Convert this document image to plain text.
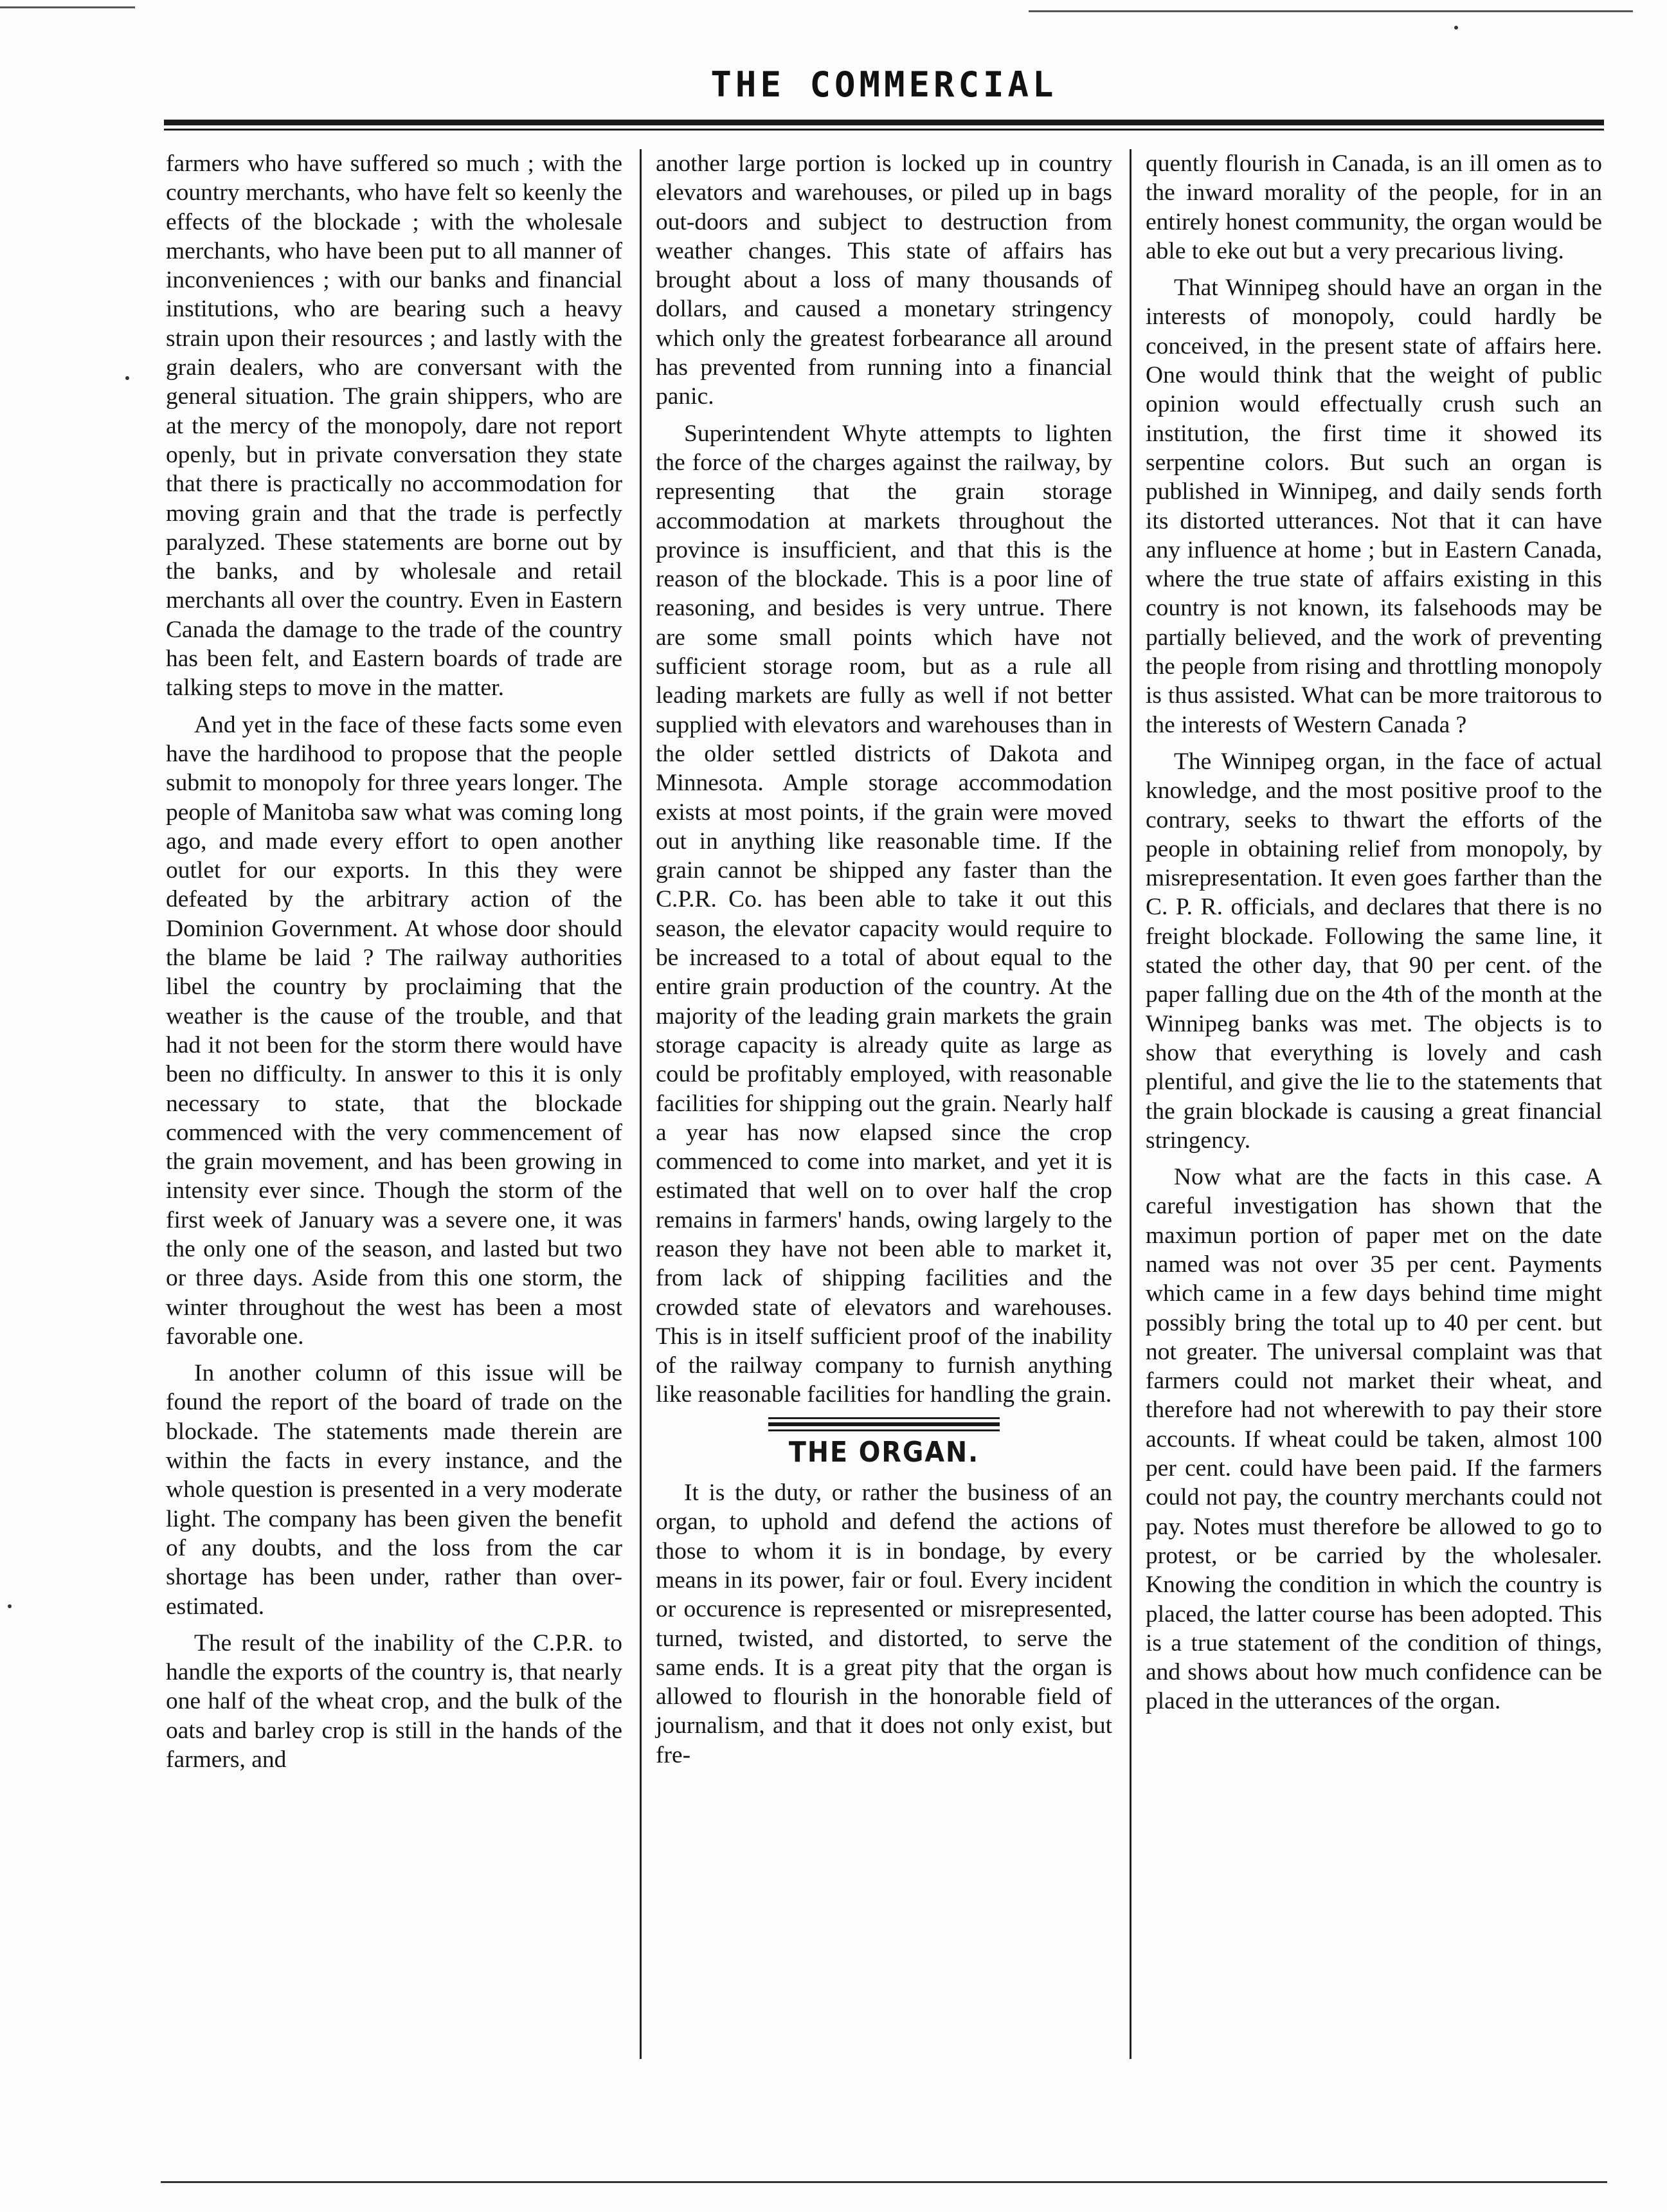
THE COMMERCIAL

farmers who have suffered so much ; with the country merchants, who have felt so keenly the effects of the blockade ; with the wholesale merchants, who have been put to all manner of inconveniences ; with our banks and financial institutions, who are bearing such a heavy strain upon their resources ; and lastly with the grain dealers, who are conversant with the general situation. The grain shippers, who are at the mercy of the monopoly, dare not report openly, but in private conversation they state that there is practically no accommodation for moving grain and that the trade is perfectly paralyzed. These statements are borne out by the banks, and by wholesale and retail merchants all over the country. Even in Eastern Canada the damage to the trade of the country has been felt, and Eastern boards of trade are talking steps to move in the matter.

And yet in the face of these facts some even have the hardihood to propose that the people submit to monopoly for three years longer. The people of Manitoba saw what was coming long ago, and made every effort to open another outlet for our exports. In this they were defeated by the arbitrary action of the Dominion Government. At whose door should the blame be laid ? The railway authorities libel the country by proclaiming that the weather is the cause of the trouble, and that had it not been for the storm there would have been no difficulty. In answer to this it is only necessary to state, that the blockade commenced with the very commencement of the grain movement, and has been growing in intensity ever since. Though the storm of the first week of January was a severe one, it was the only one of the season, and lasted but two or three days. Aside from this one storm, the winter throughout the west has been a most favorable one.

In another column of this issue will be found the report of the board of trade on the blockade. The statements made therein are within the facts in every instance, and the whole question is presented in a very moderate light. The company has been given the benefit of any doubts, and the loss from the car shortage has been under, rather than over-estimated.

The result of the inability of the C.P.R. to handle the exports of the country is, that nearly one half of the wheat crop, and the bulk of the oats and barley crop is still in the hands of the farmers, and

another large portion is locked up in country elevators and warehouses, or piled up in bags out-doors and subject to destruction from weather changes. This state of affairs has brought about a loss of many thousands of dollars, and caused a monetary stringency which only the greatest forbearance all around has prevented from running into a financial panic.

Superintendent Whyte attempts to lighten the force of the charges against the railway, by representing that the grain storage accommodation at markets throughout the province is insufficient, and that this is the reason of the blockade. This is a poor line of reasoning, and besides is very untrue. There are some small points which have not sufficient storage room, but as a rule all leading markets are fully as well if not better supplied with elevators and warehouses than in the older settled districts of Dakota and Minnesota. Ample storage accommodation exists at most points, if the grain were moved out in anything like reasonable time. If the grain cannot be shipped any faster than the C.P.R. Co. has been able to take it out this season, the elevator capacity would require to be increased to a total of about equal to the entire grain production of the country. At the majority of the leading grain markets the grain storage capacity is already quite as large as could be profitably employed, with reasonable facilities for shipping out the grain. Nearly half a year has now elapsed since the crop commenced to come into market, and yet it is estimated that well on to over half the crop remains in farmers' hands, owing largely to the reason they have not been able to market it, from lack of shipping facilities and the crowded state of elevators and warehouses. This is in itself sufficient proof of the inability of the railway company to furnish anything like reasonable facilities for handling the grain.

THE ORGAN.

It is the duty, or rather the business of an organ, to uphold and defend the actions of those to whom it is in bondage, by every means in its power, fair or foul. Every incident or occurence is represented or misrepresented, turned, twisted, and distorted, to serve the same ends. It is a great pity that the organ is allowed to flourish in the honorable field of journalism, and that it does not only exist, but fre-

quently flourish in Canada, is an ill omen as to the inward morality of the people, for in an entirely honest community, the organ would be able to eke out but a very precarious living.

That Winnipeg should have an organ in the interests of monopoly, could hardly be conceived, in the present state of affairs here. One would think that the weight of public opinion would effectually crush such an institution, the first time it showed its serpentine colors. But such an organ is published in Winnipeg, and daily sends forth its distorted utterances. Not that it can have any influence at home ; but in Eastern Canada, where the true state of affairs existing in this country is not known, its falsehoods may be partially believed, and the work of preventing the people from rising and throttling monopoly is thus assisted. What can be more traitorous to the interests of Western Canada ?

The Winnipeg organ, in the face of actual knowledge, and the most positive proof to the contrary, seeks to thwart the efforts of the people in obtaining relief from monopoly, by misrepresentation. It even goes farther than the C. P. R. officials, and declares that there is no freight blockade. Following the same line, it stated the other day, that 90 per cent. of the paper falling due on the 4th of the month at the Winnipeg banks was met. The objects is to show that everything is lovely and cash plentiful, and give the lie to the statements that the grain blockade is causing a great financial stringency.

Now what are the facts in this case. A careful investigation has shown that the maximun portion of paper met on the date named was not over 35 per cent. Payments which came in a few days behind time might possibly bring the total up to 40 per cent. but not greater. The universal complaint was that farmers could not market their wheat, and therefore had not wherewith to pay their store accounts. If wheat could be taken, almost 100 per cent. could have been paid. If the farmers could not pay, the country merchants could not pay. Notes must therefore be allowed to go to protest, or be carried by the wholesaler. Knowing the condition in which the country is placed, the latter course has been adopted. This is a true statement of the condition of things, and shows about how much confidence can be placed in the utterances of the organ.
